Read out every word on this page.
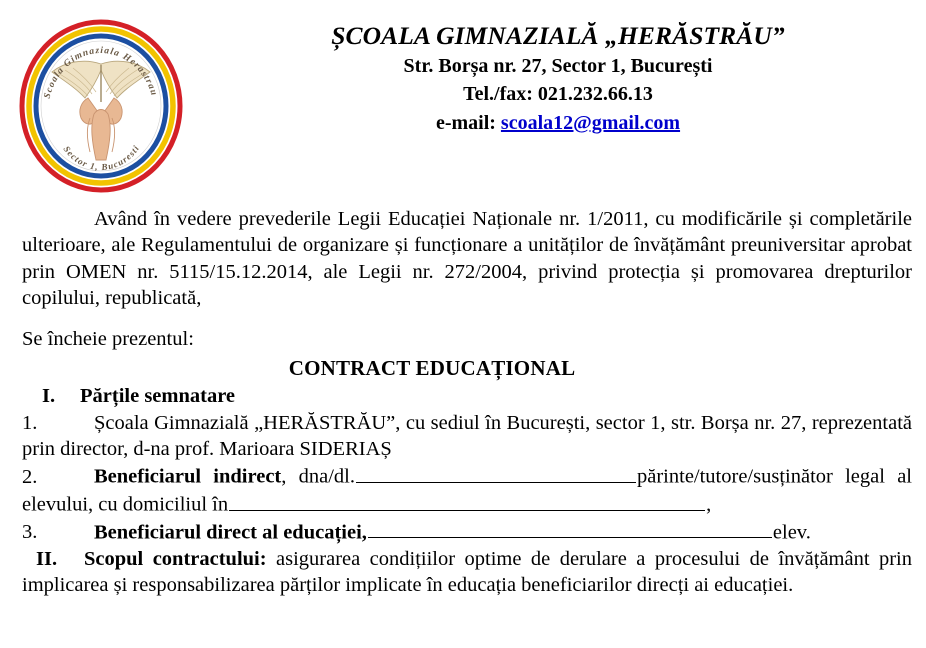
Scoala Gimnaziala Herastrau
Sector 1, Bucuresti
ȘCOALA GIMNAZIALĂ „HERĂSTRĂU”
Str. Borșa nr. 27, Sector 1, București
Tel./fax: 021.232.66.13
e-mail: scoala12@gmail.com

Având în vedere prevederile Legii Educației Naționale nr. 1/2011, cu modificările și completările ulterioare, ale Regulamentului de organizare și funcționare a unităților de învățământ preuniversitar aprobat prin OMEN nr. 5115/15.12.2014, ale Legii nr. 272/2004, privind protecția și promovarea drepturilor copilului, republicată,

Se încheie prezentul:

CONTRACT EDUCAȚIONAL

I. Părțile semnatare

1.	Școala Gimnazială „HERĂSTRĂU”, cu sediul în București, sector 1, str. Borșa nr. 27, reprezentată prin director, d-na prof. Marioara SIDERIAȘ

2.	Beneficiarul indirect, dna/dl.	părinte/tutore/susținător legal al elevului, cu domiciliul în	,

3.	Beneficiarul direct al educației,	elev.

II. Scopul contractului: asigurarea condițiilor optime de derulare a procesului de învățământ prin implicarea și responsabilizarea părților implicate în educația beneficiarilor direcți ai educației.
